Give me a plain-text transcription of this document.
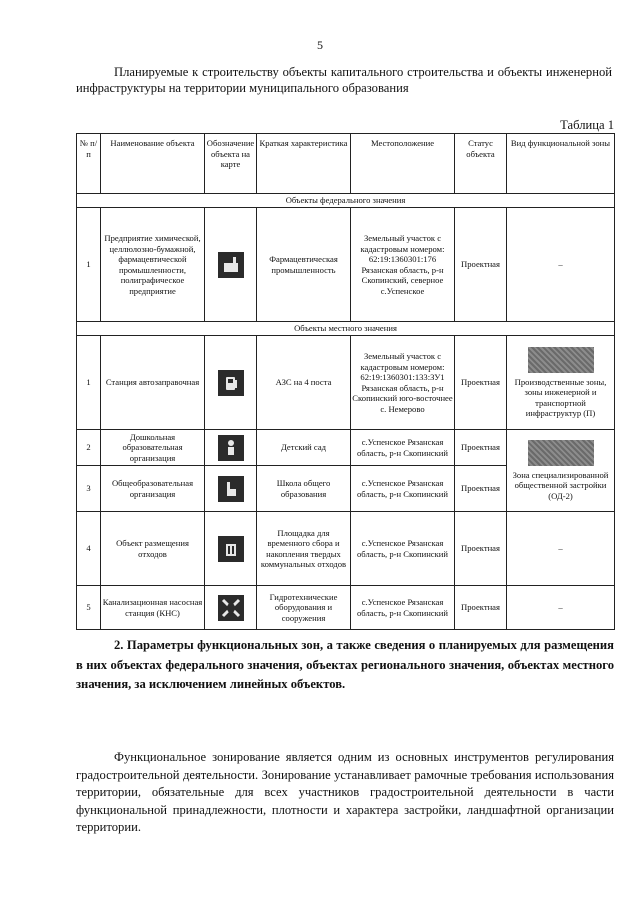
5
Планируемые к строительству объекты капитального строительства и объекты инженерной инфраструктуры на территории муниципального образования
Таблица 1
№ п/п	Наименование объекта	Обозначение объекта на карте	Краткая характеристика	Местоположение	Статус объекта	Вид функциональной зоны
Объекты федерального значения						
1	Предприятие химической, целлюлозно-бумажной, фармацевтической промышленности, полиграфическое предприятие		Фармацевтическая промышленность	Земельный участок с кадастровым номером: 62:19:1360301:176 Рязанская область, р-н Скопинский, северное с.Успенское	Проектная	–
Объекты местного значения						
1	Станция автозаправочная		АЗС на 4 поста	Земельный участок с кадастровым номером: 62:19:1360301:133:ЗУ1 Рязанская область, р-н Скопинский юго-восточнее с. Немерово	Проектная	Производственные зоны, зоны инженерной и транспортной инфраструктур (П)
2	Дошкольная образовательная организация		Детский сад	с.Успенское Рязанская область, р-н Скопинский	Проектная	Зона специализированной общественной застройки (ОД-2)
3	Общеобразовательная организация		Школа общего образования	с.Успенское Рязанская область, р-н Скопинский	Проектная	
4	Объект размещения отходов		Площадка для временного сбора и накопления твердых коммунальных отходов	с.Успенское Рязанская область, р-н Скопинский	Проектная	–
5	Канализационная насосная станция (КНС)		Гидротехнические оборудования и сооружения	с.Успенское Рязанская область, р-н Скопинский	Проектная	–
2. Параметры функциональных зон, а также сведения о планируемых для размещения в них объектах федерального значения, объектах регионального значения, объектах местного значения, за исключением линейных объектов.
Функциональное зонирование является одним из основных инструментов регулирования градостроительной деятельности. Зонирование устанавливает рамочные требования использования территории, обязательные для всех участников градостроительной деятельности в части функциональной принадлежности, плотности и характера застройки, ландшафтной организации территории.
